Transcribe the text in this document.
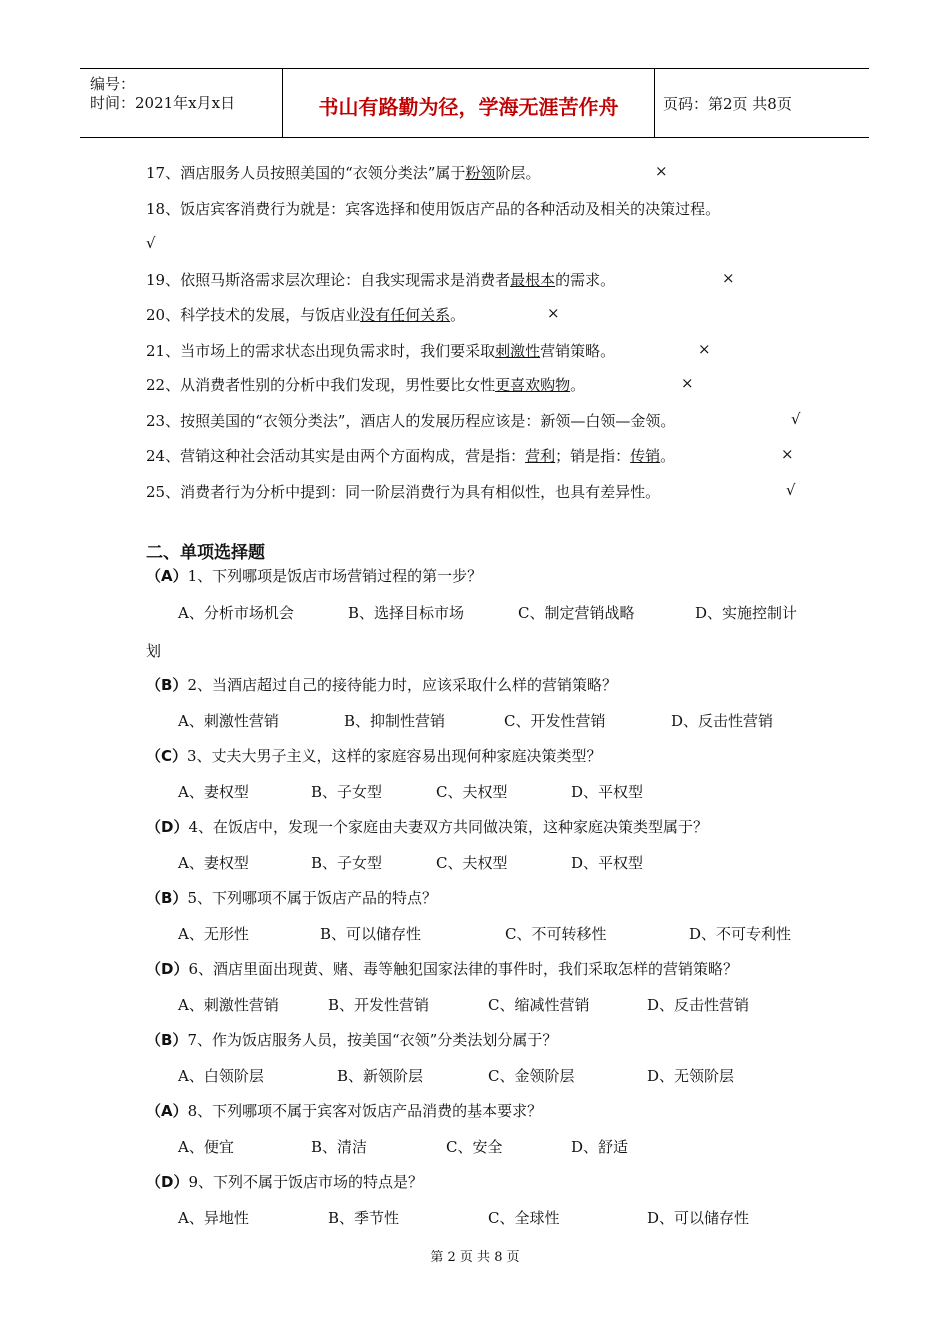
编号：
时间：2021年x月x日	书山有路勤为径，学海无涯苦作舟	页码：第2页 共8页
17、酒店服务人员按照美国的“衣领分类法”属于粉领阶层。	×
18、饭店宾客消费行为就是：宾客选择和使用饭店产品的各种活动及相关的决策过程。
√
19、依照马斯洛需求层次理论：自我实现需求是消费者最根本的需求。	×
20、科学技术的发展，与饭店业没有任何关系。	×
21、当市场上的需求状态出现负需求时，我们要采取刺激性营销策略。	×
22、从消费者性别的分析中我们发现，男性要比女性更喜欢购物。	×
23、按照美国的“衣领分类法”，酒店人的发展历程应该是：新领—白领—金领。	√
24、营销这种社会活动其实是由两个方面构成，营是指：营利；销是指：传销。	×
25、消费者行为分析中提到：同一阶层消费行为具有相似性，也具有差异性。	√
二、单项选择题
（A）1、下列哪项是饭店市场营销过程的第一步？
A、分析市场机会	B、选择目标市场	C、制定营销战略	D、实施控制计
划
（B）2、当酒店超过自己的接待能力时，应该采取什么样的营销策略？
A、刺激性营销	B、抑制性营销	C、开发性营销	D、反击性营销
（C）3、丈夫大男子主义，这样的家庭容易出现何种家庭决策类型？
A、妻权型	B、子女型	C、夫权型	D、平权型
（D）4、在饭店中，发现一个家庭由夫妻双方共同做决策，这种家庭决策类型属于？
A、妻权型	B、子女型	C、夫权型	D、平权型
（B）5、下列哪项不属于饭店产品的特点？
A、无形性	B、可以储存性	C、不可转移性	D、不可专利性
（D）6、酒店里面出现黄、赌、毒等触犯国家法律的事件时，我们采取怎样的营销策略？
A、刺激性营销	B、开发性营销	C、缩减性营销	D、反击性营销
（B）7、作为饭店服务人员，按美国“衣领”分类法划分属于？
A、白领阶层	B、新领阶层	C、金领阶层	D、无领阶层
（A）8、下列哪项不属于宾客对饭店产品消费的基本要求？
A、便宜	B、清洁	C、安全	D、舒适
（D）9、下列不属于饭店市场的特点是？
A、异地性	B、季节性	C、全球性	D、可以储存性
第 2 页 共 8 页
